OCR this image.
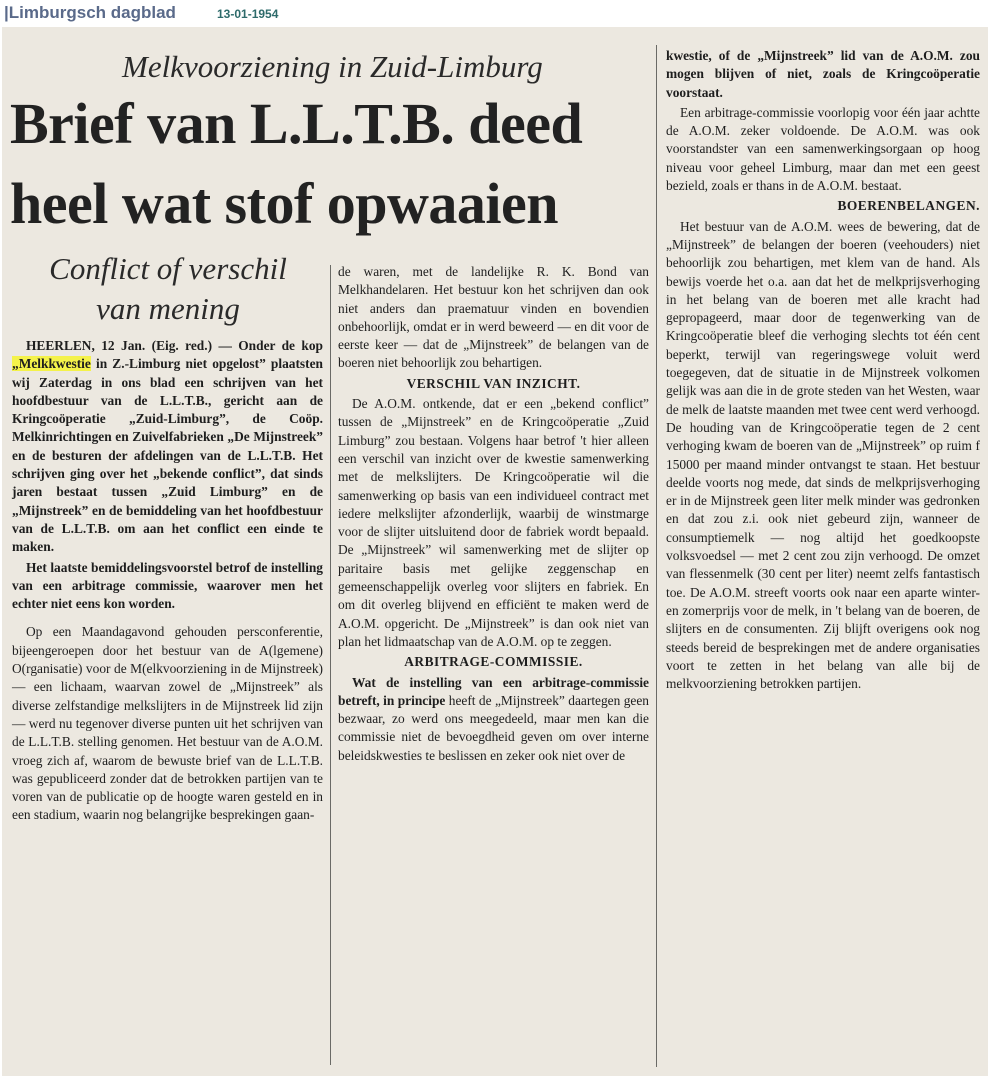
|Limburgsch dagblad	13-01-1954
Melkvoorziening in Zuid-Limburg
Brief van L.L.T.B. deed
heel wat stof opwaaien
Conflict of verschil
van mening

HEERLEN, 12 Jan. (Eig. red.) — Onder de kop „Melkkwestie in Z.-Limburg niet opgelost” plaatsten wij Zaterdag in ons blad een schrijven van het hoofdbestuur van de L.L.T.B., gericht aan de Kringcoöperatie „Zuid-Limburg”, de Coöp. Melkinrichtingen en Zuivelfabrieken „De Mijnstreek” en de besturen der afdelingen van de L.L.T.B. Het schrijven ging over het „bekende conflict”, dat sinds jaren bestaat tussen „Zuid Limburg” en de „Mijnstreek” en de bemiddeling van het hoofdbestuur van de L.L.T.B. om aan het conflict een einde te maken.

Het laatste bemiddelingsvoorstel betrof de instelling van een arbitrage commissie, waarover men het echter niet eens kon worden.

Op een Maandagavond gehouden persconferentie, bijeengeroepen door het bestuur van de A(lgemene) O(rganisatie) voor de M(elkvoorziening in de Mijnstreek) — een lichaam, waarvan zowel de „Mijnstreek” als diverse zelfstandige melkslijters in de Mijnstreek lid zijn — werd nu tegenover diverse punten uit het schrijven van de L.L.T.B. stelling genomen. Het bestuur van de A.O.M. vroeg zich af, waarom de bewuste brief van de L.L.T.B. was gepubliceerd zonder dat de betrokken partijen van te voren van de publicatie op de hoogte waren gesteld en in een stadium, waarin nog belangrijke besprekingen gaan-

de waren, met de landelijke R. K. Bond van Melkhandelaren. Het bestuur kon het schrijven dan ook niet anders dan praematuur vinden en bovendien onbehoorlijk, omdat er in werd beweerd — en dit voor de eerste keer — dat de „Mijnstreek” de belangen van de boeren niet behoorlijk zou behartigen.

VERSCHIL VAN INZICHT.

De A.O.M. ontkende, dat er een „bekend conflict” tussen de „Mijnstreek” en de Kringcoöperatie „Zuid Limburg” zou bestaan. Volgens haar betrof 't hier alleen een verschil van inzicht over de kwestie samenwerking met de melkslijters. De Kringcoöperatie wil die samenwerking op basis van een individueel contract met iedere melkslijter afzonderlijk, waarbij de winstmarge voor de slijter uitsluitend door de fabriek wordt bepaald. De „Mijnstreek” wil samenwerking met de slijter op paritaire basis met gelijke zeggenschap en gemeenschappelijk overleg voor slijters en fabriek. En om dit overleg blijvend en efficiënt te maken werd de A.O.M. opgericht. De „Mijnstreek” is dan ook niet van plan het lidmaatschap van de A.O.M. op te zeggen.

ARBITRAGE-COMMISSIE.

Wat de instelling van een arbitrage-commissie betreft, in principe heeft de „Mijnstreek” daartegen geen bezwaar, zo werd ons meegedeeld, maar men kan die commissie niet de bevoegdheid geven om over interne beleidskwesties te beslissen en zeker ook niet over de

kwestie, of de „Mijnstreek” lid van de A.O.M. zou mogen blijven of niet, zoals de Kringcoöperatie voorstaat.

Een arbitrage-commissie voorlopig voor één jaar achtte de A.O.M. zeker voldoende. De A.O.M. was ook voorstandster van een samenwerkingsorgaan op hoog niveau voor geheel Limburg, maar dan met een geest bezield, zoals er thans in de A.O.M. bestaat.

BOERENBELANGEN.

Het bestuur van de A.O.M. wees de bewering, dat de „Mijnstreek” de belangen der boeren (veehouders) niet behoorlijk zou behartigen, met klem van de hand. Als bewijs voerde het o.a. aan dat het de melkprijsverhoging in het belang van de boeren met alle kracht had gepropageerd, maar door de tegenwerking van de Kringcoöperatie bleef die verhoging slechts tot één cent beperkt, terwijl van regeringswege voluit werd toegegeven, dat de situatie in de Mijnstreek volkomen gelijk was aan die in de grote steden van het Westen, waar de melk de laatste maanden met twee cent werd verhoogd. De houding van de Kringcoöperatie tegen de 2 cent verhoging kwam de boeren van de „Mijnstreek” op ruim f 15000 per maand minder ontvangst te staan. Het bestuur deelde voorts nog mede, dat sinds de melkprijsverhoging er in de Mijnstreek geen liter melk minder was gedronken en dat zou z.i. ook niet gebeurd zijn, wanneer de consumptiemelk — nog altijd het goedkoopste volksvoedsel — met 2 cent zou zijn verhoogd. De omzet van flessenmelk (30 cent per liter) neemt zelfs fantastisch toe. De A.O.M. streeft voorts ook naar een aparte winter- en zomerprijs voor de melk, in 't belang van de boeren, de slijters en de consumenten. Zij blijft overigens ook nog steeds bereid de besprekingen met de andere organisaties voort te zetten in het belang van alle bij de melkvoorziening betrokken partijen.
